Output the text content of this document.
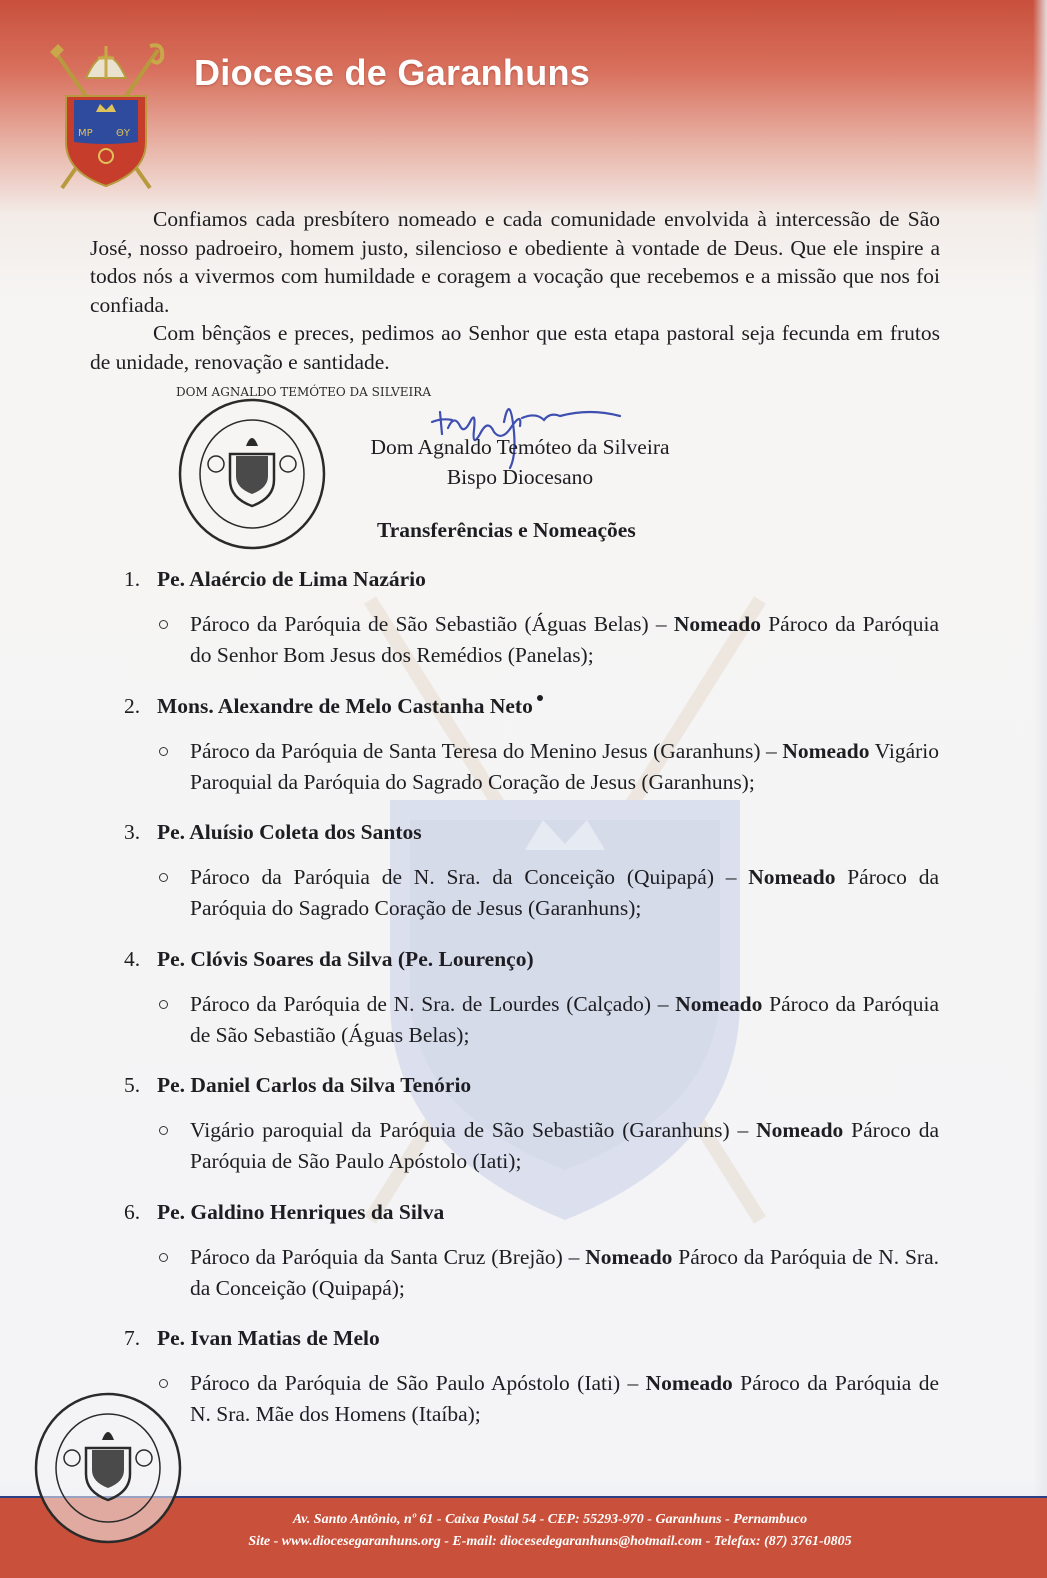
MP ΘY
Diocese de Garanhuns

Confiamos cada presbítero nomeado e cada comunidade envolvida à intercessão de São José, nosso padroeiro, homem justo, silencioso e obediente à vontade de Deus. Que ele inspire a todos nós a vivermos com humildade e coragem a vocação que recebemos e a missão que nos foi confiada.

Com bênçãos e preces, pedimos ao Senhor que esta etapa pastoral seja fecunda em frutos de unidade, renovação e santidade.

DOM AGNALDO TEMÓTEO DA SILVEIRA
Dom Agnaldo Temóteo da Silveira
Bispo Diocesano
Transferências e Nomeações
1. Pe. Alaércio de Lima Nazário
Pároco da Paróquia de São Sebastião (Águas Belas) – Nomeado Pároco da Paróquia do Senhor Bom Jesus dos Remédios (Panelas);
2. Mons. Alexandre de Melo Castanha Neto
Pároco da Paróquia de Santa Teresa do Menino Jesus (Garanhuns) – Nomeado Vigário Paroquial da Paróquia do Sagrado Coração de Jesus (Garanhuns);
3. Pe. Aluísio Coleta dos Santos
Pároco da Paróquia de N. Sra. da Conceição (Quipapá) – Nomeado Pároco da Paróquia do Sagrado Coração de Jesus (Garanhuns);
4. Pe. Clóvis Soares da Silva (Pe. Lourenço)
Pároco da Paróquia de N. Sra. de Lourdes (Calçado) – Nomeado Pároco da Paróquia de São Sebastião (Águas Belas);
5. Pe. Daniel Carlos da Silva Tenório
Vigário paroquial da Paróquia de São Sebastião (Garanhuns) – Nomeado Pároco da Paróquia de São Paulo Apóstolo (Iati);
6. Pe. Galdino Henriques da Silva
Pároco da Paróquia da Santa Cruz (Brejão) – Nomeado Pároco da Paróquia de N. Sra. da Conceição (Quipapá);
7. Pe. Ivan Matias de Melo
Pároco da Paróquia de São Paulo Apóstolo (Iati) – Nomeado Pároco da Paróquia de N. Sra. Mãe dos Homens (Itaíba);
Av. Santo Antônio, nº 61 - Caixa Postal 54 - CEP: 55293-970 - Garanhuns - Pernambuco
Site - www.diocesegaranhuns.org - E-mail: diocesedegaranhuns@hotmail.com - Telefax: (87) 3761-0805
